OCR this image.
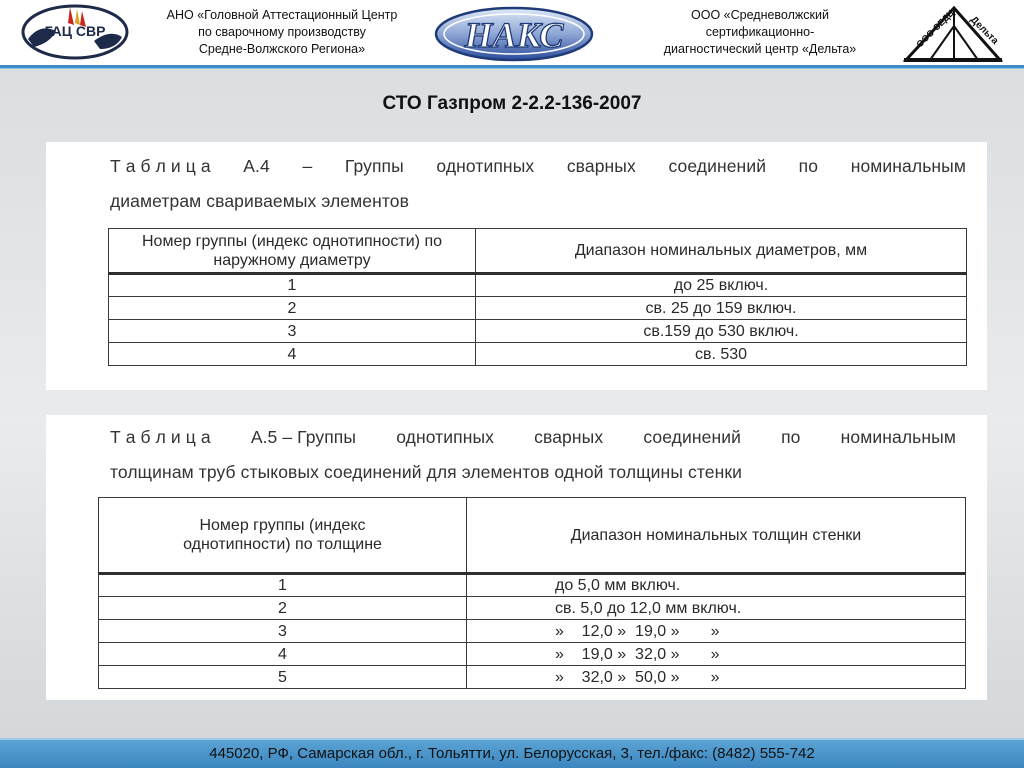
ГАЦ СВР
АНО «Головной Аттестационный Центр
по сварочному производству
Средне-Волжского Региона»	НАКС	ООО «Средневолжский
сертификационно-
диагностический центр «Дельта»	ООО СЕДЦ Дельта
СТО Газпром 2-2.2-136-2007
Т а б л и ц а А.4 – Группы однотипных сварных соединений по номинальным
диаметрам свариваемых элементов
Номер группы (индекс однотипности) по наружному диаметру	Диапазон номинальных диаметров, мм
1	до 25 включ.
2	св. 25 до 159 включ.
3	св.159 до 530 включ.
4	св. 530
Т а б л и ц а А.5 – Группы однотипных сварных соединений по номинальным
толщинам труб стыковых соединений для элементов одной толщины стенки
Номер группы (индекс однотипности) по толщине	Диапазон номинальных толщин стенки
1	до 5,0 мм включ.
2	св. 5,0 до 12,0 мм включ.
3	»    12,0 »  19,0 »       »
4	»    19,0 »  32,0 »       »
5	»    32,0 »  50,0 »       »
445020, РФ, Самарская обл., г. Тольятти, ул. Белорусская, 3, тел./факс: (8482) 555-742
